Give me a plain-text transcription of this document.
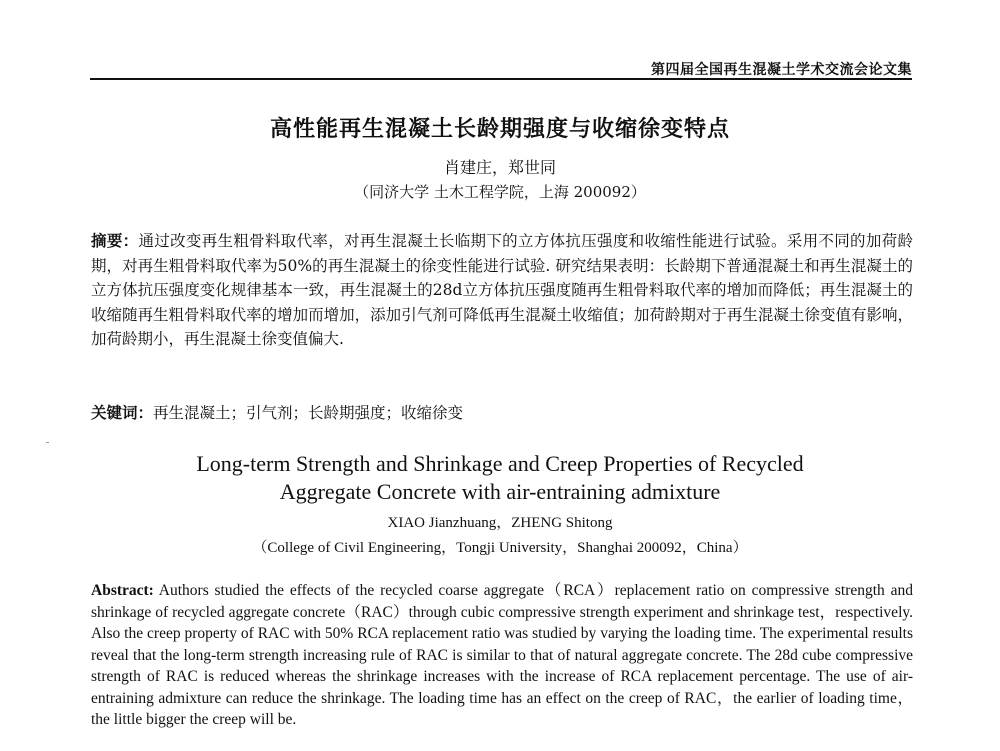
第四届全国再生混凝土学术交流会论文集
高性能再生混凝土长龄期强度与收缩徐变特点
肖建庄，郑世同
（同济大学 土木工程学院，上海 200092）
摘要：通过改变再生粗骨料取代率，对再生混凝土长临期下的立方体抗压强度和收缩性能进行试验。采用不同的加荷龄期，对再生粗骨料取代率为50%的再生混凝土的徐变性能进行试验. 研究结果表明：长龄期下普通混凝土和再生混凝土的立方体抗压强度变化规律基本一致，再生混凝土的28d立方体抗压强度随再生粗骨料取代率的增加而降低；再生混凝土的收缩随再生粗骨料取代率的增加而增加，添加引气剂可降低再生混凝土收缩值；加荷龄期对于再生混凝土徐变值有影响，加荷龄期小，再生混凝土徐变值偏大.
关键词：再生混凝土；引气剂；长龄期强度；收缩徐变
Long-term Strength and Shrinkage and Creep Properties of Recycled
Aggregate Concrete with air-entraining admixture
XIAO Jianzhuang，ZHENG Shitong
（College of Civil Engineering，Tongji University，Shanghai 200092，China）
Abstract: Authors studied the effects of the recycled coarse aggregate（RCA）replacement ratio on compressive strength and shrinkage of recycled aggregate concrete（RAC）through cubic compressive strength experiment and shrinkage test，respectively. Also the creep property of RAC with 50% RCA replacement ratio was studied by varying the loading time. The experimental results reveal that the long-term strength increasing rule of RAC is similar to that of natural aggregate concrete. The 28d cube compressive strength of RAC is reduced whereas the shrinkage increases with the increase of RCA replacement percentage. The use of air-entraining admixture can reduce the shrinkage. The loading time has an effect on the creep of RAC，the earlier of loading time，the little bigger the creep will be.
